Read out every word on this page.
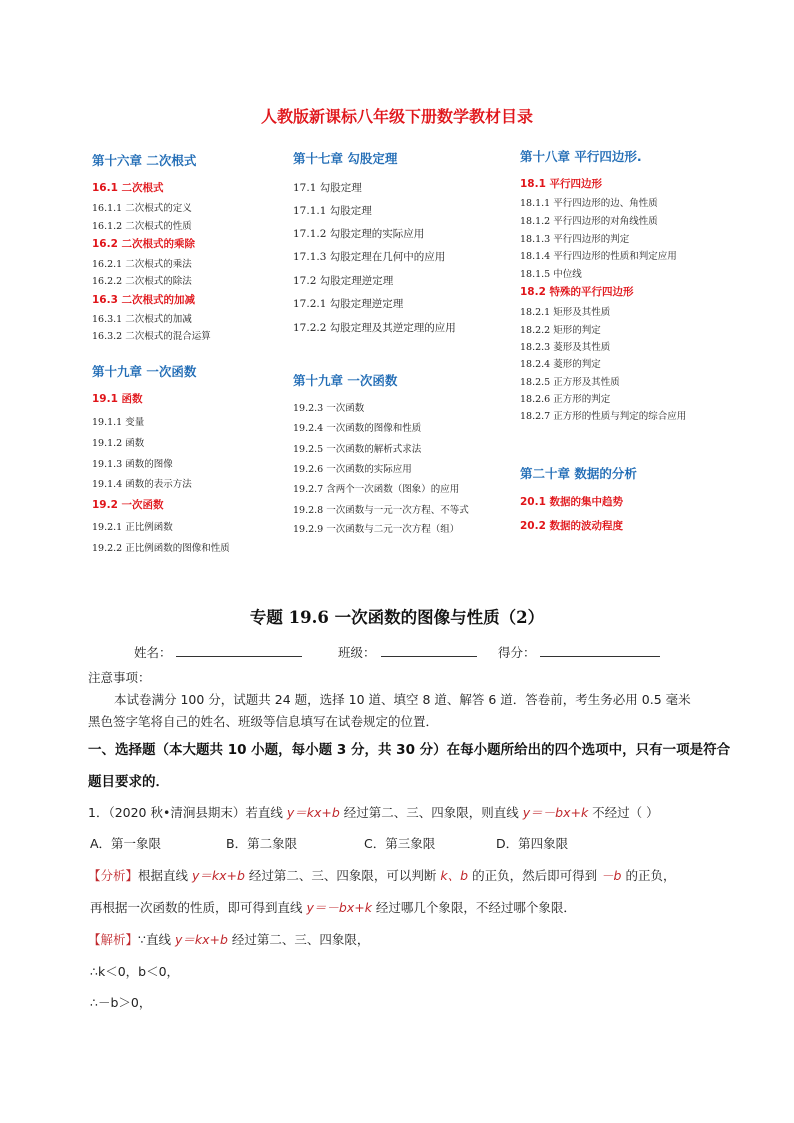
人教版新课标八年级下册数学教材目录
第十六章 二次根式
16.1 二次根式
16.1.1 二次根式的定义
16.1.2 二次根式的性质
16.2 二次根式的乘除
16.2.1 二次根式的乘法
16.2.2 二次根式的除法
16.3 二次根式的加减
16.3.1 二次根式的加减
16.3.2 二次根式的混合运算
第十九章 一次函数
19.1 函数
19.1.1 变量
19.1.2 函数
19.1.3 函数的图像
19.1.4 函数的表示方法
19.2 一次函数
19.2.1 正比例函数
19.2.2 正比例函数的图像和性质
第十七章 勾股定理
17.1 勾股定理
17.1.1 勾股定理
17.1.2 勾股定理的实际应用
17.1.3 勾股定理在几何中的应用
17.2 勾股定理逆定理
17.2.1 勾股定理逆定理
17.2.2 勾股定理及其逆定理的应用
第十九章 一次函数
19.2.3 一次函数
19.2.4 一次函数的图像和性质
19.2.5 一次函数的解析式求法
19.2.6 一次函数的实际应用
19.2.7 含两个一次函数（图象）的应用
19.2.8 一次函数与一元一次方程、不等式
19.2.9 一次函数与二元一次方程（组）
第十八章 平行四边形.
18.1 平行四边形
18.1.1 平行四边形的边、角性质
18.1.2 平行四边形的对角线性质
18.1.3 平行四边形的判定
18.1.4 平行四边形的性质和判定应用
18.1.5 中位线
18.2 特殊的平行四边形
18.2.1 矩形及其性质
18.2.2 矩形的判定
18.2.3 菱形及其性质
18.2.4 菱形的判定
18.2.5 正方形及其性质
18.2.6 正方形的判定
18.2.7 正方形的性质与判定的综合应用
第二十章 数据的分析
20.1 数据的集中趋势
20.2 数据的波动程度
专题 19.6 一次函数的图像与性质（2）
姓名：	班级：	得分：
注意事项：
本试卷满分 100 分，试题共 24 题，选择 10 道、填空 8 道、解答 6 道．答卷前，考生务必用 0.5 毫米
黑色签字笔将自己的姓名、班级等信息填写在试卷规定的位置．
一、选择题（本大题共 10 小题，每小题 3 分，共 30 分）在每小题所给出的四个选项中，只有一项是符合
题目要求的．
1．（2020 秋•清涧县期末）若直线 y＝kx+b 经过第二、三、四象限，则直线 y＝－bx+k 不经过（ ）
A．第一象限	B．第二象限	C．第三象限	D．第四象限
【分析】根据直线 y＝kx+b 经过第二、三、四象限，可以判断 k、b 的正负，然后即可得到 －b 的正负，
再根据一次函数的性质，即可得到直线 y＝－bx+k 经过哪几个象限，不经过哪个象限．
【解析】∵直线 y＝kx+b 经过第二、三、四象限，
∴k＜0，b＜0，
∴－b＞0，
